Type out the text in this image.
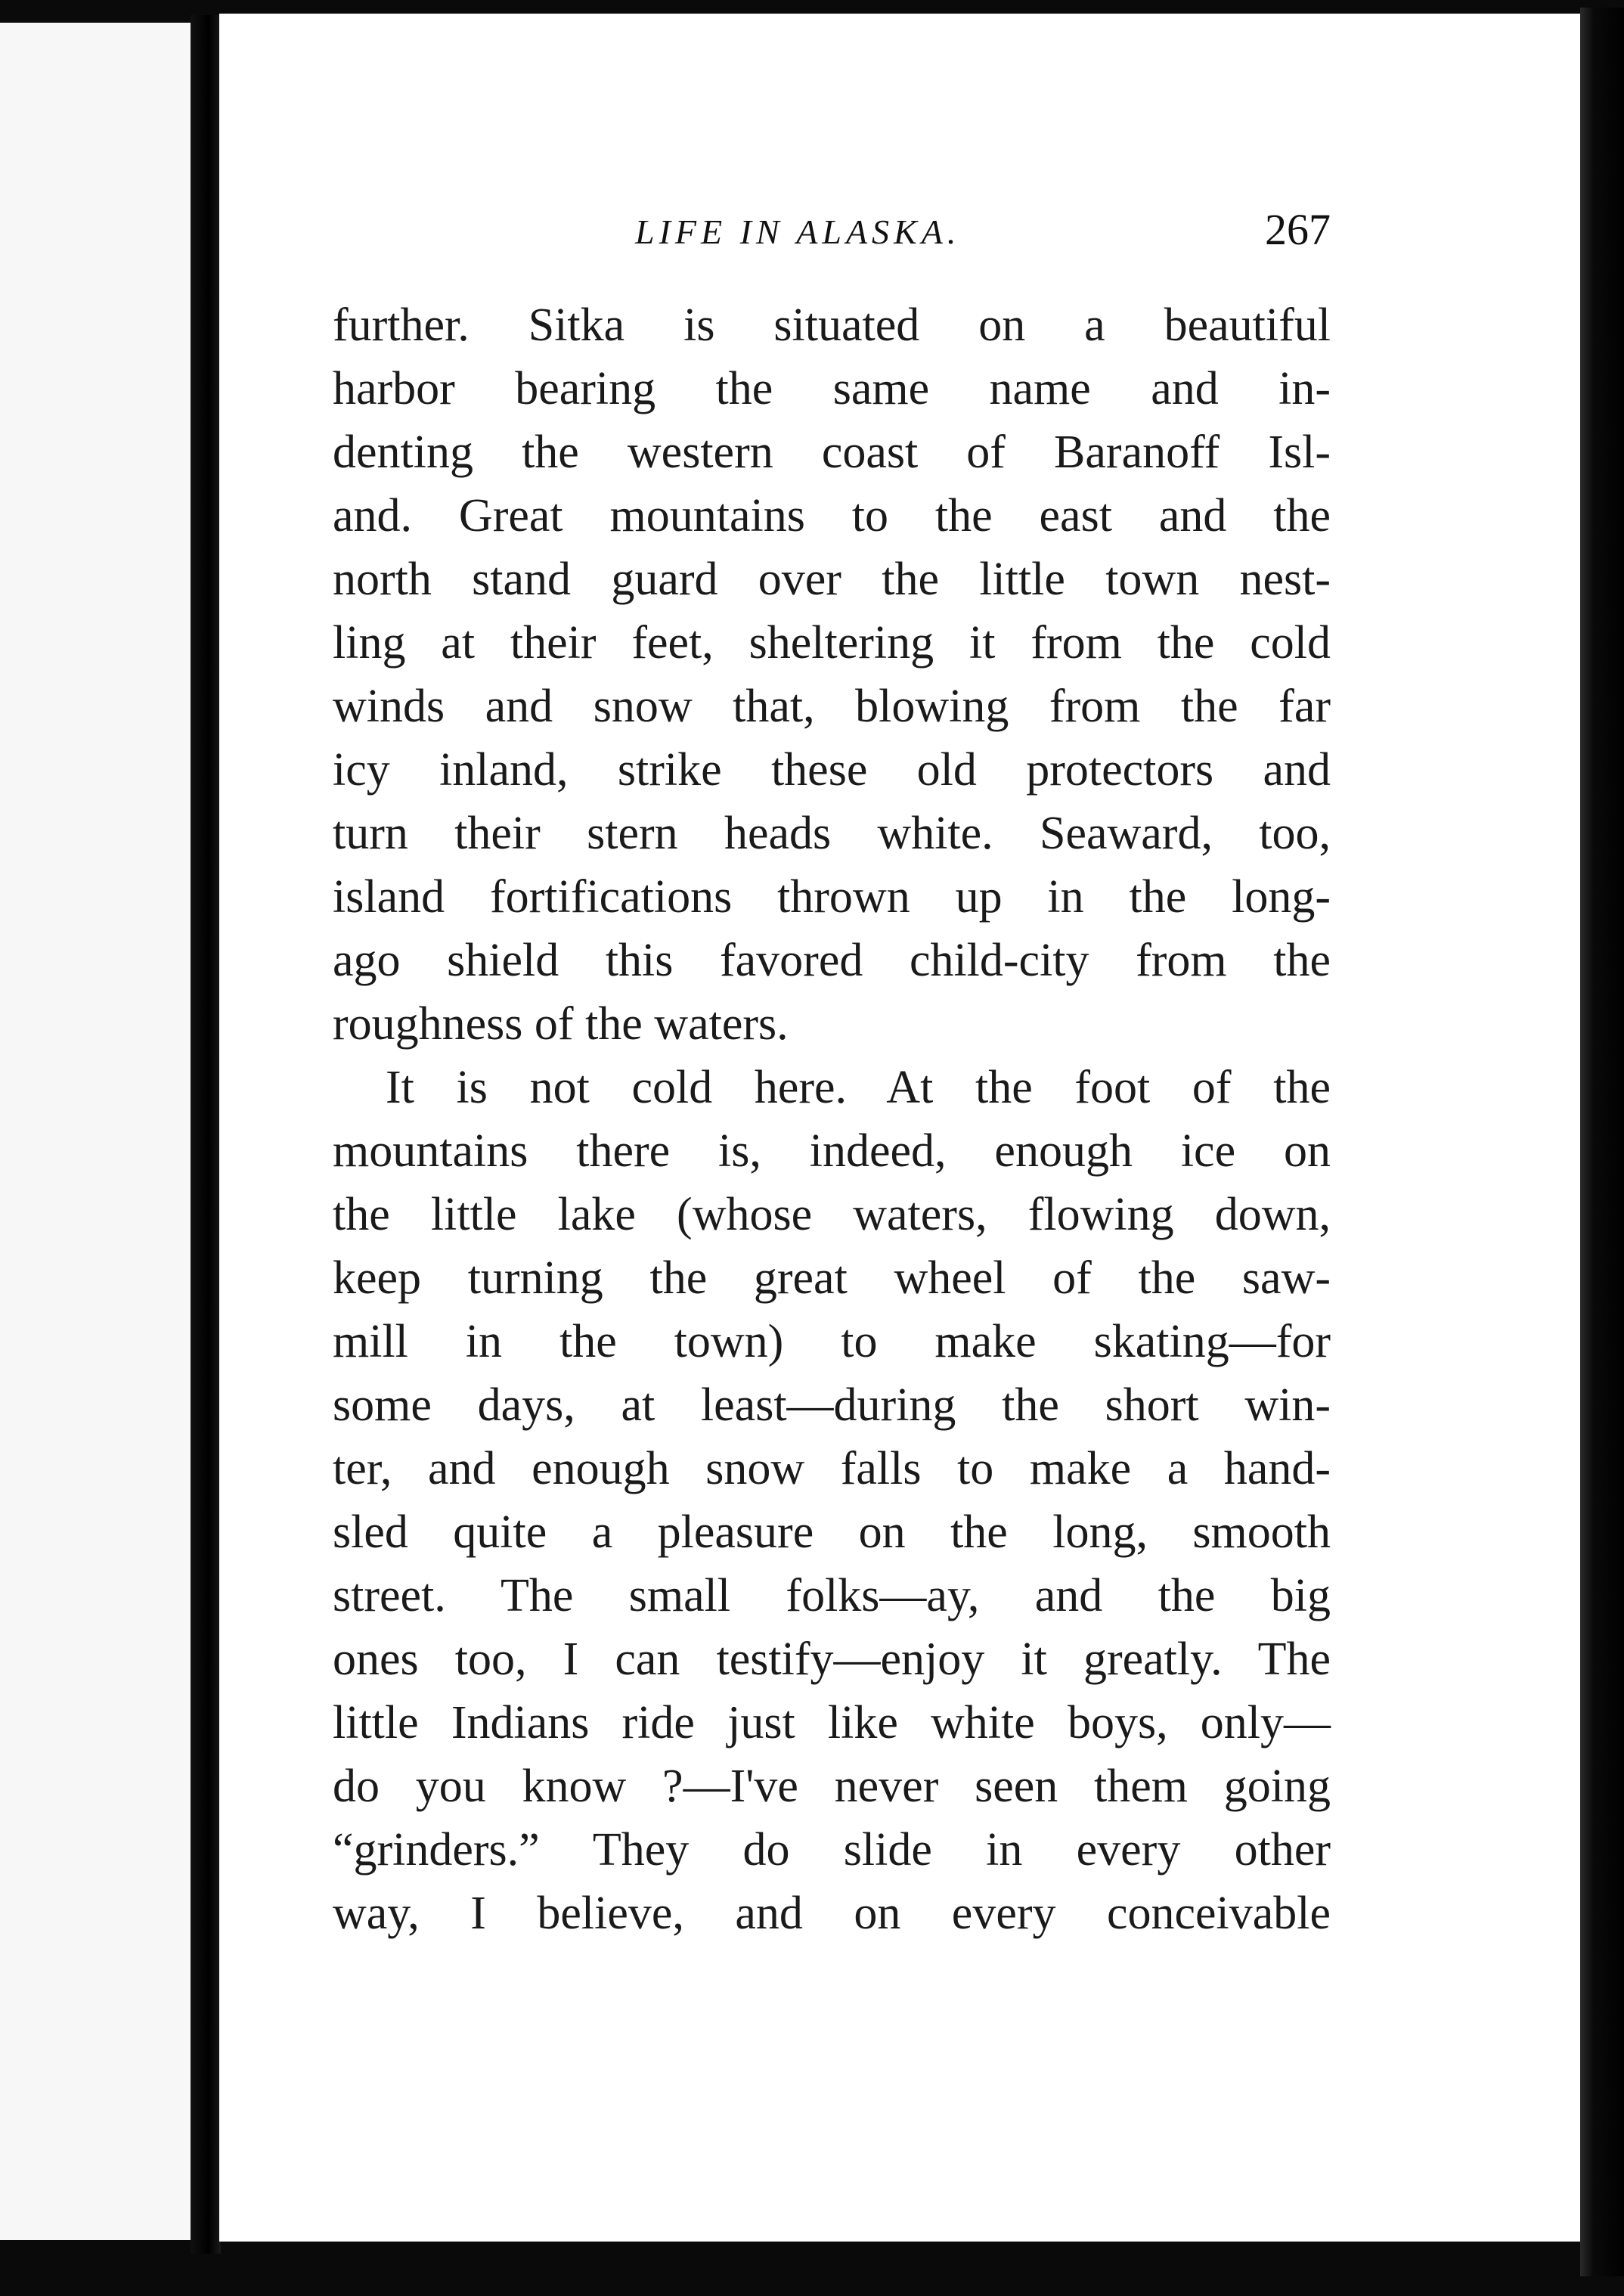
LIFE IN ALASKA.	267
further. Sitka is situated on a beautiful
harbor bearing the same name and in-
denting the western coast of Baranoff Isl-
and. Great mountains to the east and the
north stand guard over the little town nest-
ling at their feet, sheltering it from the cold
winds and snow that, blowing from the far
icy inland, strike these old protectors and
turn their stern heads white. Seaward, too,
island fortifications thrown up in the long-
ago shield this favored child-city from the
roughness of the waters.
It is not cold here. At the foot of the
mountains there is, indeed, enough ice on
the little lake (whose waters, flowing down,
keep turning the great wheel of the saw-
mill in the town) to make skating—for
some days, at least—during the short win-
ter, and enough snow falls to make a hand-
sled quite a pleasure on the long, smooth
street. The small folks—ay, and the big
ones too, I can testify—enjoy it greatly. The
little Indians ride just like white boys, only—
do you know ?—I've never seen them going
“grinders.” They do slide in every other
way, I believe, and on every conceivable
